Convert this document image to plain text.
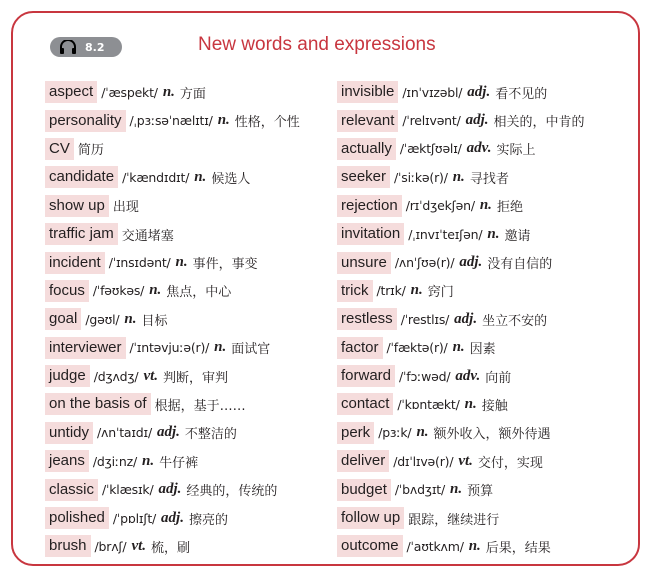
8.2	New words and expressions
aspect /ˈæspekt/ n. 方面
personality /ˌpɜːsəˈnælɪtɪ/ n. 性格，个性
CV 简历
candidate /ˈkændɪdɪt/ n. 候选人
show up 出现
traffic jam 交通堵塞
incident /ˈɪnsɪdənt/ n. 事件，事变
focus /ˈfəʊkəs/ n. 焦点，中心
goal /gəʊl/ n. 目标
interviewer /ˈɪntəvjuːə(r)/ n. 面试官
judge /dʒʌdʒ/ vt. 判断，审判
on the basis of 根据，基于……
untidy /ʌnˈtaɪdɪ/ adj. 不整洁的
jeans /dʒiːnz/ n. 牛仔裤
classic /ˈklæsɪk/ adj. 经典的，传统的
polished /ˈpɒlɪʃt/ adj. 擦亮的
brush /brʌʃ/ vt. 梳，刷
invisible /ɪnˈvɪzəbl/ adj. 看不见的
relevant /ˈrelɪvənt/ adj. 相关的，中肯的
actually /ˈæktʃʊəlɪ/ adv. 实际上
seeker /ˈsiːkə(r)/ n. 寻找者
rejection /rɪˈdʒekʃən/ n. 拒绝
invitation /ˌɪnvɪˈteɪʃən/ n. 邀请
unsure /ʌnˈʃʊə(r)/ adj. 没有自信的
trick /trɪk/ n. 窍门
restless /ˈrestlɪs/ adj. 坐立不安的
factor /ˈfæktə(r)/ n. 因素
forward /ˈfɔːwəd/ adv. 向前
contact /ˈkɒntækt/ n. 接触
perk /pɜːk/ n. 额外收入，额外待遇
deliver /dɪˈlɪvə(r)/ vt. 交付，实现
budget /ˈbʌdʒɪt/ n. 预算
follow up 跟踪，继续进行
outcome /ˈaʊtkʌm/ n. 后果，结果
